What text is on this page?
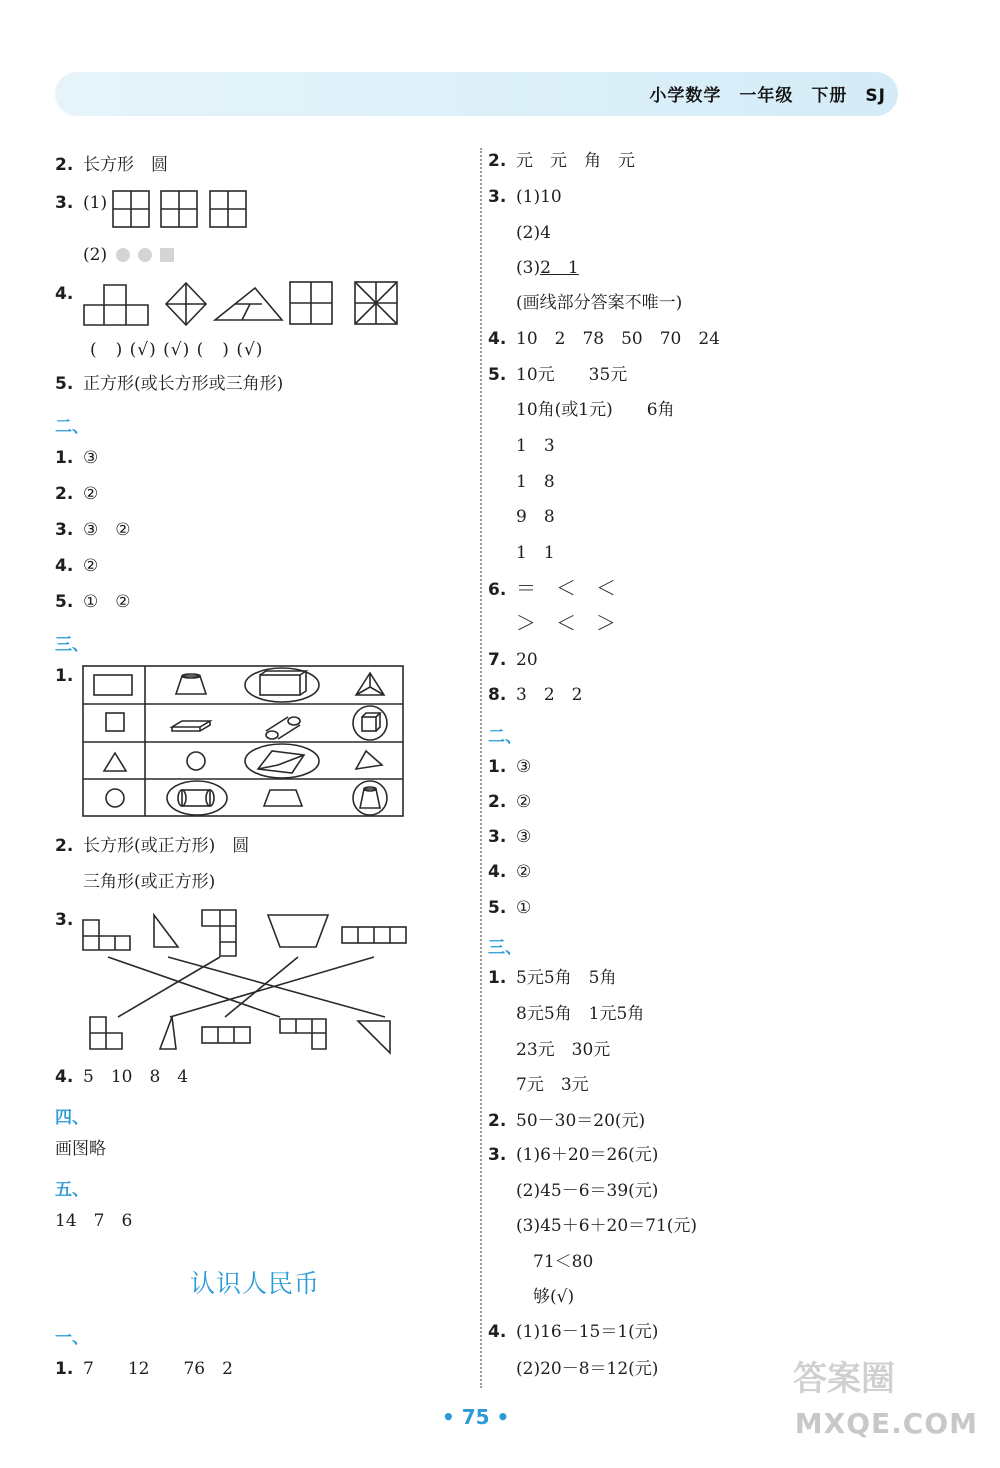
小学数学　一年级　下册　SJ
2. 长方形　圆
3. (1)
(2)
4.
(　) (√) (√) (　) (√)
5. 正方形(或长方形或三角形)
二、
1. ③
2. ②
3. ③　②
4. ②
5. ①　②
三、
1.
2. 长方形(或正方形)　圆
三角形(或正方形)
3.
4. 5　10　8　4
四、
画图略
五、
14　7　6
认识人民币
一、
1. 7　　12　　76　2
2. 元　元　角　元
3. (1)10
(2)4
(3)2　 1
(画线部分答案不唯一)
4. 10　2　78　50　70　24
5. 10元　　35元
10角(或1元)　　6角
1　3
1　8
9　8
1　1
6. ＝　＜　＜
＞　＜　＞
7. 20
8. 3　2　2
二、
1. ③
2. ②
3. ③
4. ②
5. ①
三、
1. 5元5角　5角
8元5角　1元5角
23元　30元
7元　3元
2. 50－30＝20(元)
3. (1)6＋20＝26(元)
(2)45－6＝39(元)
(3)45＋6＋20＝71(元)
　71＜80
　够(√)
4. (1)16－15＝1(元)
(2)20－8＝12(元)
• 75 •
答案圈
MXQE.COM
